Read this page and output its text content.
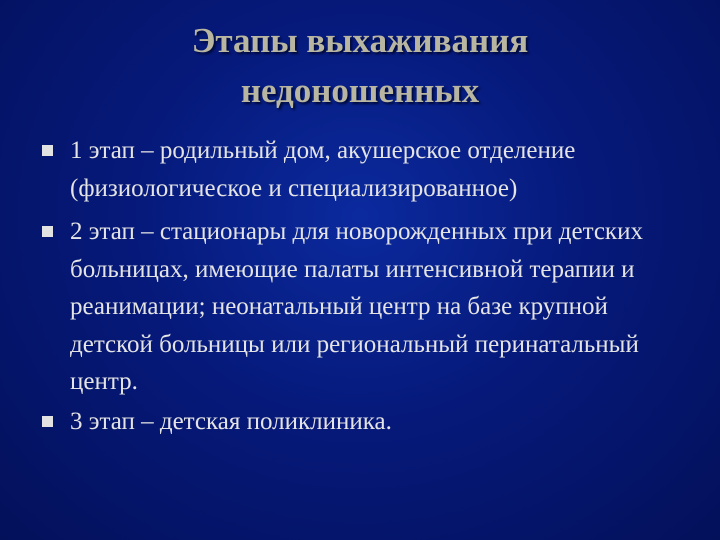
Этапы выхаживания
недоношенных
1 этап – родильный дом, акушерское отделение (физиологическое и специализированное)
2 этап – стационары для новорожденных при детских больницах, имеющие палаты интенсивной терапии и реанимации; неонатальный центр на базе крупной детской больницы или региональный перинатальный центр.
3 этап – детская поликлиника.
